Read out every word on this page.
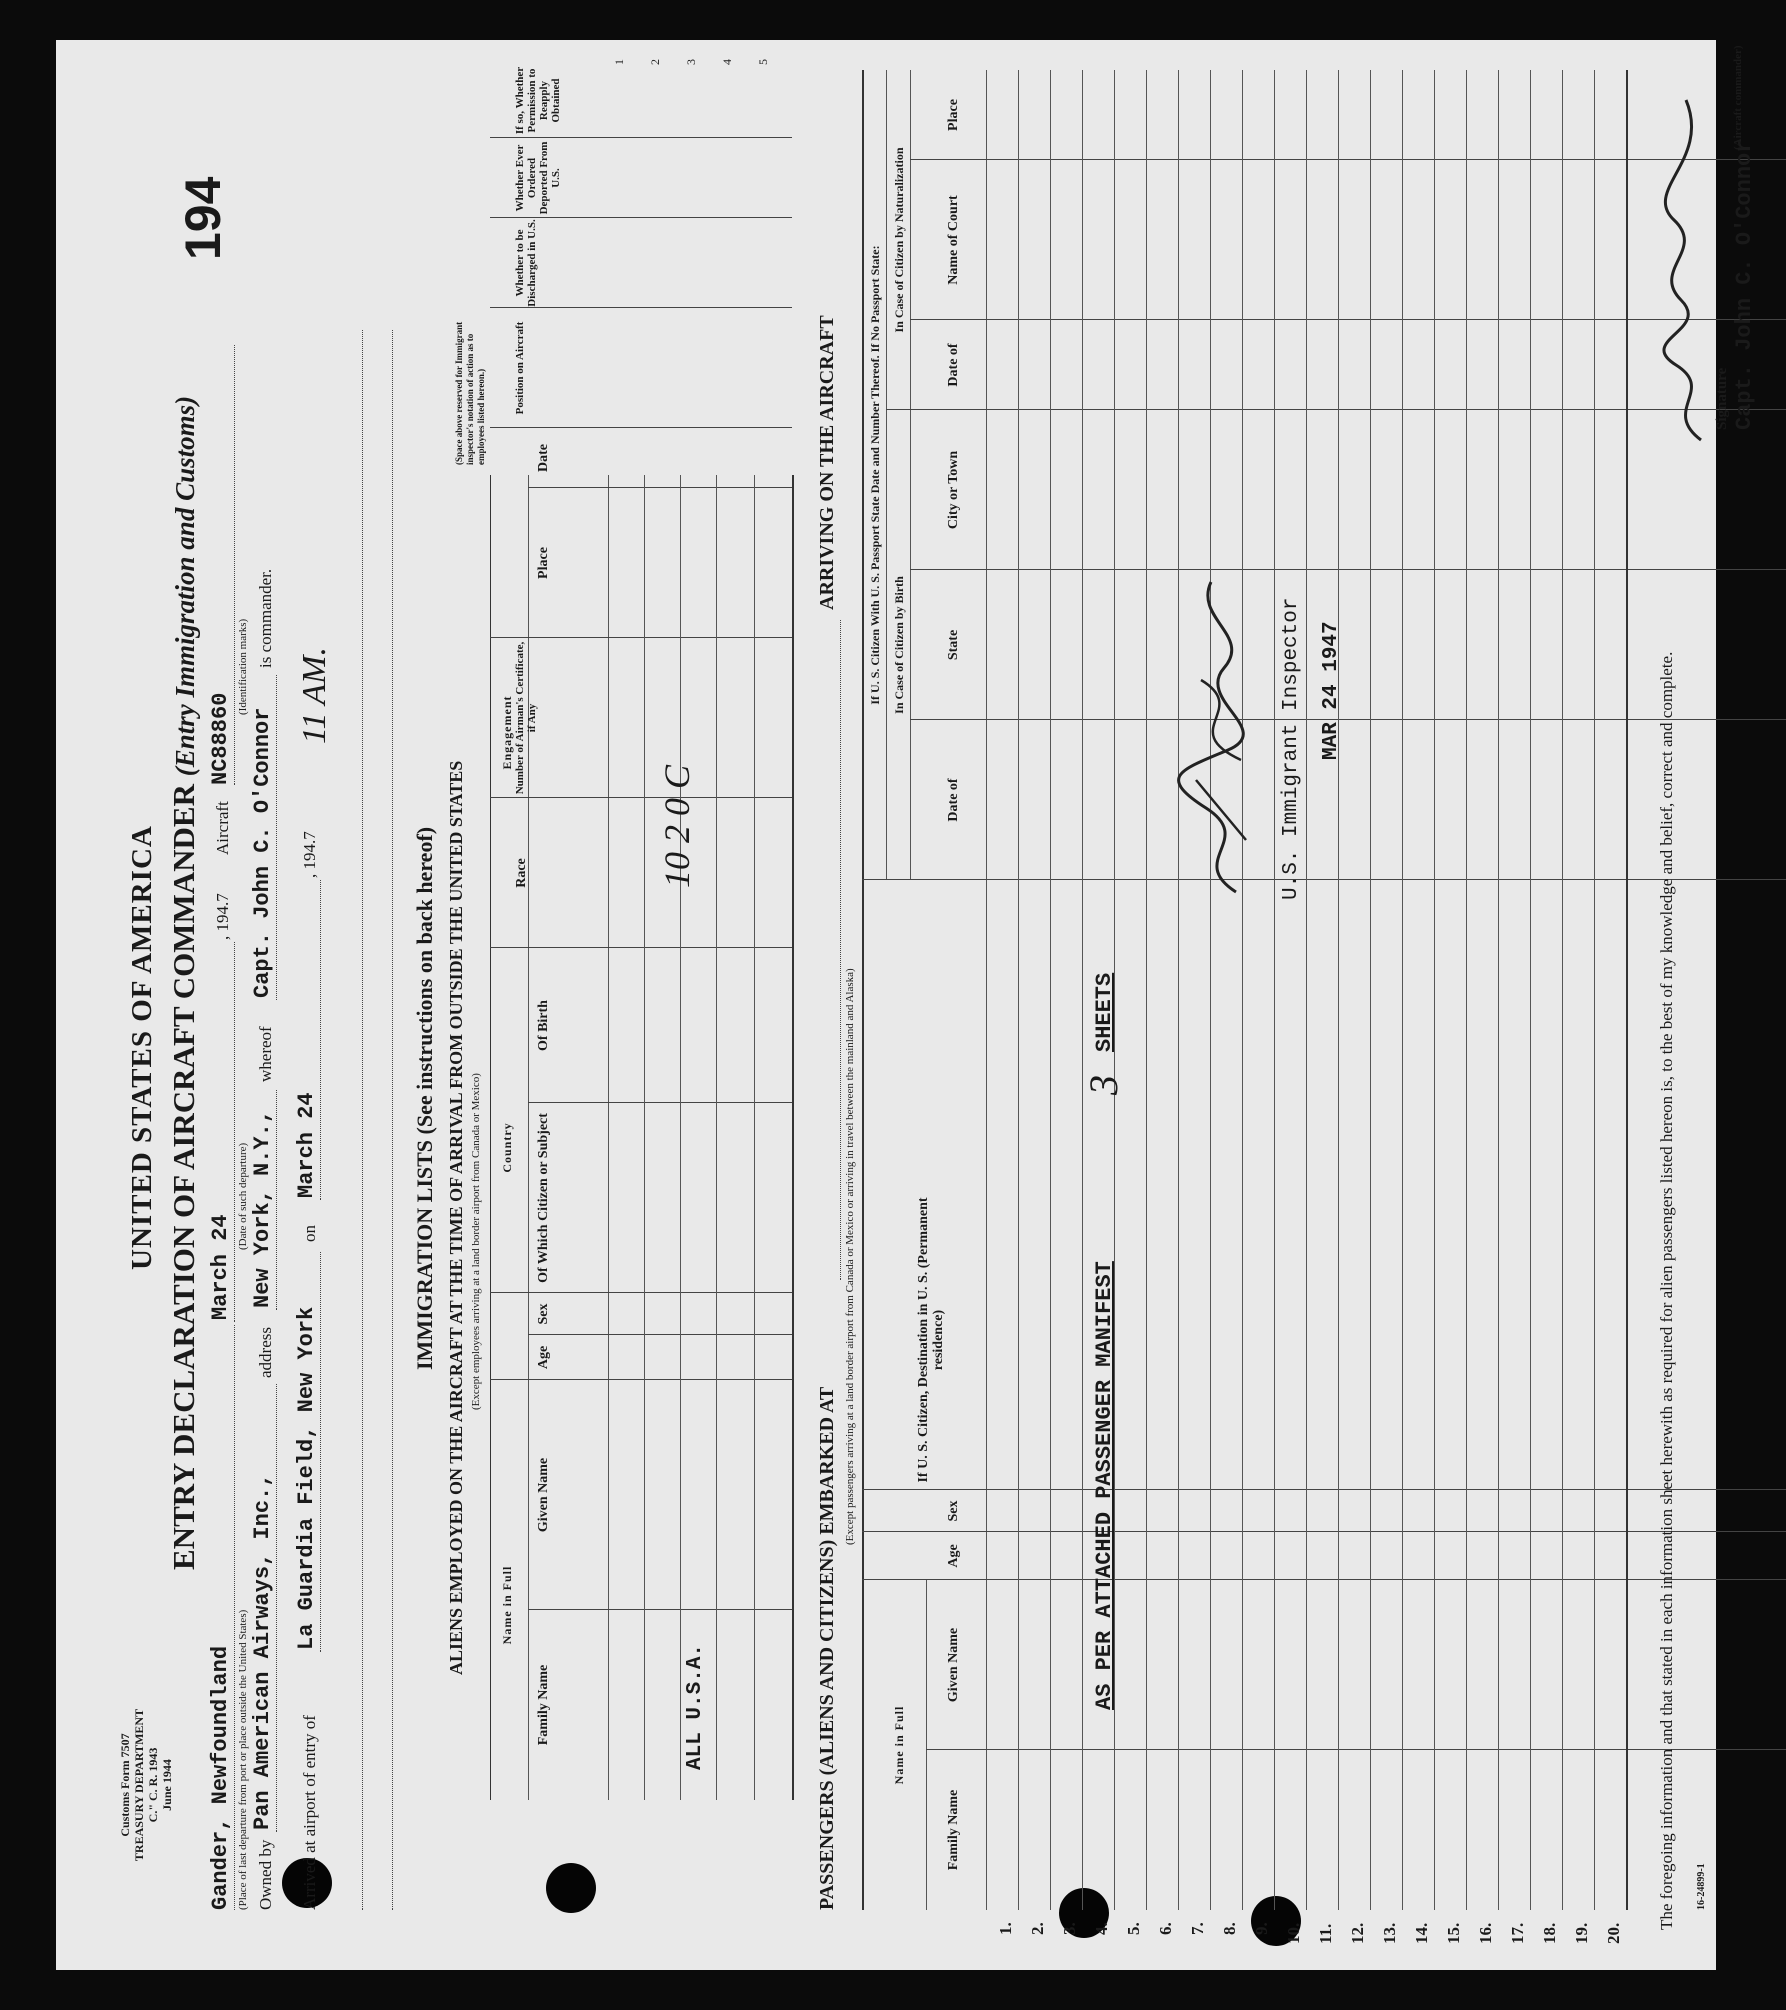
Customs Form 7507 TREASURY DEPARTMENT C." C. R. 1943 June 1944
UNITED STATES OF AMERICA ENTRY DECLARATION OF AIRCRAFT COMMANDER (Entry Immigration and Customs)
194
Gander, Newfoundland (Place of last departure from port or place outside the United States)
March 24
(Date of such departure)
, 194.7
Aircraft
NC88860
(Identification marks)
Owned by
Pan American Airways, Inc.,
address
New York, N.Y.,
whereof
Capt. John C. O'Connor
is commander.
Arrived at airport of entry of
La Guardia Field, New York
on
March 24
, 194.7
11 AM.
IMMIGRATION LISTS (See instructions on back hereof) ALIENS EMPLOYED ON THE AIRCRAFT AT THE TIME OF ARRIVAL FROM OUTSIDE THE UNITED STATES (Except employees arriving at a land border airport from Canada or Mexico)
(Space above reserved for Immigrant inspector's notation of action as to employees listed hereon.)
Name in Full
Country
Engagement
Family Name
Given Name
Age
Sex
Of Which Citizen or Subject
Of Birth
Race
Number of Airman's Certificate, if Any
Place
Date
Position on Aircraft
Whether to be Discharged in U.S.
Whether Ever Ordered Deported From U.S.
If so, Whether Permission to Reapply Obtained
ALL U.S.A.
10 2 0 C
1 2 3 4 5
PASSENGERS (ALIENS AND CITIZENS) EMBARKED AT
ARRIVING ON THE AIRCRAFT
(Except passengers arriving at a land border airport from Canada or Mexico or arriving in travel between the mainland and Alaska)
If U. S. Citizen With U. S. Passport State Date and Number Thereof. If No Passport State: In Case of Citizen by Birth
In Case of Citizen by Naturalization
Name in Full
Family Name
Given Name
Age
Sex
If U. S. Citizen, Destination in U. S. (Permanent residence)
Date of
State
City or Town
Date of
Name of Court
Place
1. 2. 3. 4. 5. 6. 7. 8. 9. 10. 11. 12. 13. 14. 15. 16. 17. 18. 19. 20.
AS PER ATTACHED PASSENGER MANIFEST
3
SHEETS
U.S. Immigrant Inspector MAR 24 1947	The foregoing information and that stated in each information sheet herewith as required for alien passengers listed hereon is, to the best of my knowledge and belief, correct and complete.
Signature Capt. John C. O'Connor
(Aircraft commander)
16-24899-1
